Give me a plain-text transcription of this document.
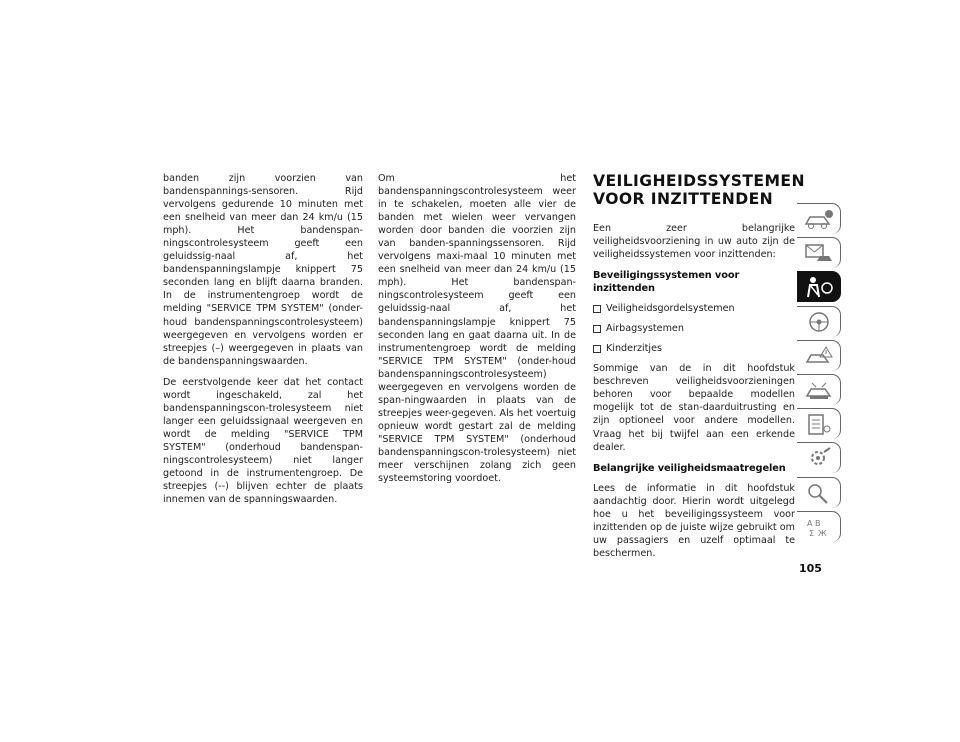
banden zijn voorzien van bandenspannings-sensoren. Rijd vervolgens gedurende 10 minuten met een snelheid van meer dan 24 km/u (15 mph). Het bandenspan-ningscontrolesysteem geeft een geluidssig-naal af, het bandenspanningslampje knippert 75 seconden lang en blijft daarna branden. In de instrumentengroep wordt de melding "SERVICE TPM SYSTEM" (onder-houd bandenspanningscontrolesysteem) weergegeven en vervolgens worden er streepjes (–) weergegeven in plaats van de bandenspanningswaarden.

De eerstvolgende keer dat het contact wordt ingeschakeld, zal het bandenspanningscon-trolesysteem niet langer een geluidssignaal weergeven en wordt de melding "SERVICE TPM SYSTEM" (onderhoud bandenspan-ningscontrolesysteem) niet langer getoond in de instrumentengroep. De streepjes (--) blijven echter de plaats innemen van de spanningswaarden.

Om het bandenspanningscontrolesysteem weer in te schakelen, moeten alle vier de banden met wielen weer vervangen worden door banden die voorzien zijn van banden-spanningssensoren. Rijd vervolgens maxi-maal 10 minuten met een snelheid van meer dan 24 km/u (15 mph). Het bandenspan-ningscontrolesysteem geeft een geluidssig-naal af, het bandenspanningslampje knippert 75 seconden lang en gaat daarna uit. In de instrumentengroep wordt de melding "SERVICE TPM SYSTEM" (onder-houd bandenspanningscontrolesysteem) weergegeven en vervolgens worden de span-ningwaarden in plaats van de streepjes weer-gegeven. Als het voertuig opnieuw wordt gestart zal de melding "SERVICE TPM SYSTEM" (onderhoud bandenspanningscon-trolesysteem) niet meer verschijnen zolang zich geen systeemstoring voordoet.

VEILIGHEIDSSYSTEMEN
VOOR INZITTENDEN

Een zeer belangrijke veiligheidsvoorziening in uw auto zijn de veiligheidssystemen voor inzittenden:

Beveiligingssystemen voor inzittenden
Veiligheidsgordelsystemen
Airbagsystemen
Kinderzitjes

Sommige van de in dit hoofdstuk beschreven veiligheidsvoorzieningen behoren voor bepaalde modellen mogelijk tot de stan-daarduitrusting en zijn optioneel voor andere modellen. Vraag het bij twijfel aan een erkende dealer.

Belangrijke veiligheidsmaatregelen

Lees de informatie in dit hoofdstuk aandachtig door. Hierin wordt uitgelegd hoe u het beveiligingssysteem voor inzittenden op de juiste wijze gebruikt om uw passagiers en uzelf optimaal te beschermen.

A В
Σ Ж
105
